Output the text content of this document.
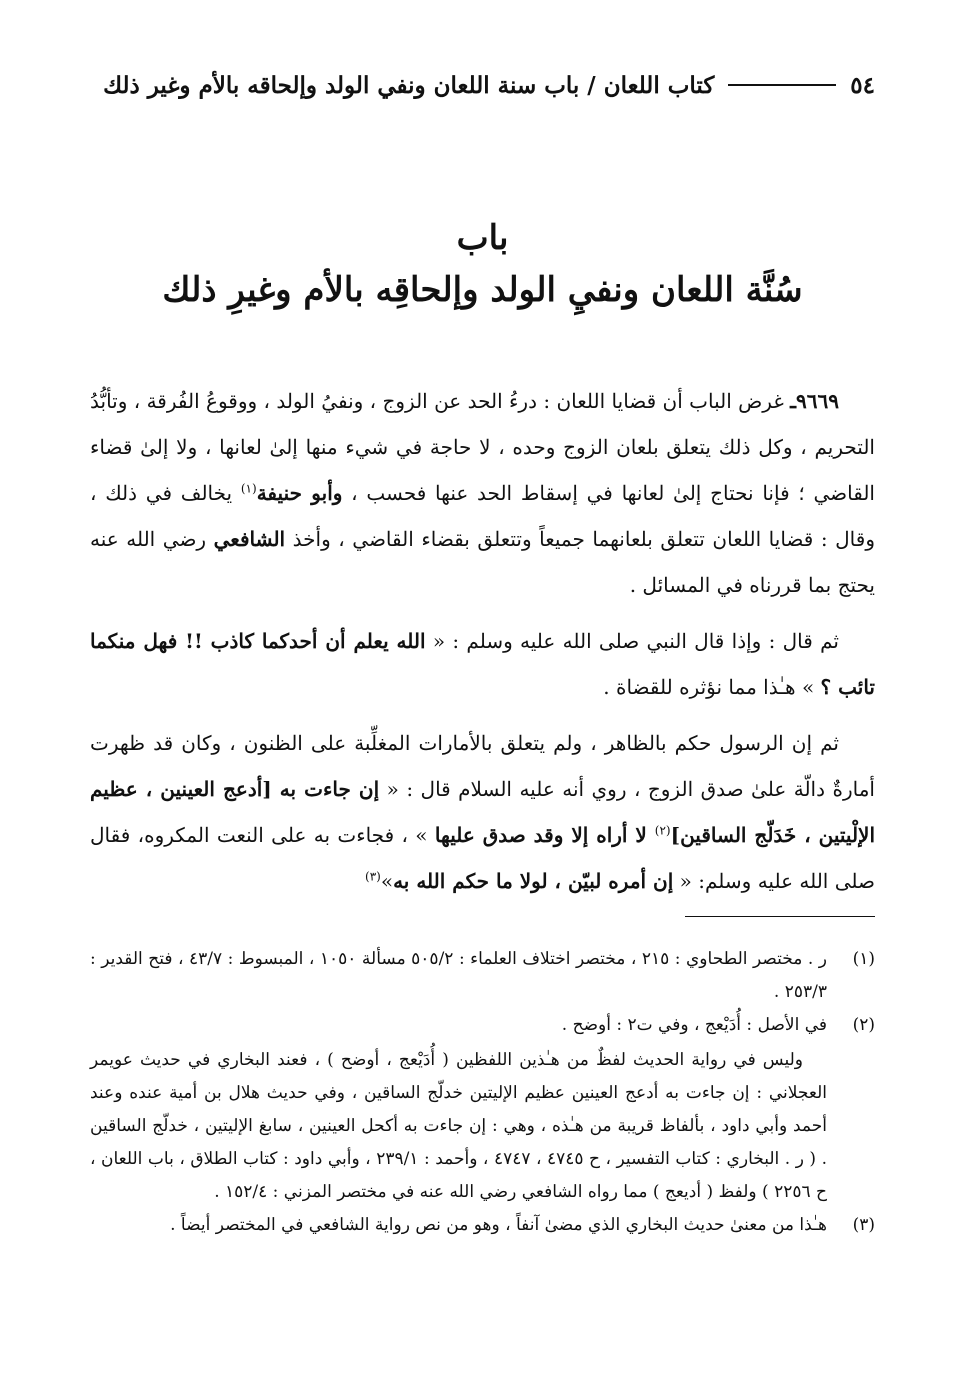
٥٤
كتاب اللعان / باب سنة اللعان ونفي الولد وإلحاقه بالأم وغير ذلك
باب
سُنَّة اللعان ونفيِ الولد وإلحاقِه بالأم وغيرِ ذلك

٩٦٦٩ـ غرض الباب أن قضايا اللعان : درءُ الحد عن الزوج ، ونفيُ الولد ، ووقوعُ الفُرقة ، وتأبُّدُ التحريم ، وكل ذلك يتعلق بلعان الزوج وحده ، لا حاجة في شيء منها إلىٰ لعانها ، ولا إلىٰ قضاء القاضي ؛ فإنا نحتاج إلىٰ لعانها في إسقاط الحد عنها فحسب ، وأبو حنيفة$^{(١)}$ يخالف في ذلك ، وقال : قضايا اللعان تتعلق بلعانهما جميعاً وتتعلق بقضاء القاضي ، وأخذ الشافعي رضي الله عنه يحتج بما قررناه في المسائل .

ثم قال : وإذا قال النبي صلى الله عليه وسلم : « الله يعلم أن أحدكما كاذب !! فهل منكما تائب ؟ » هـٰذا مما نؤثره للقضاة .

ثم إن الرسول حكم بالظاهر ، ولم يتعلق بالأمارات المغلِّبة على الظنون ، وكان قد ظهرت أمارةٌ دالّة علىٰ صدق الزوج ، روي أنه عليه السلام قال : « إن جاءت به [أدعج العينين ، عظيم الإلْيتين ، خَدَلّج الساقين]$^{(٢)}$ لا أراه إلا وقد صدق عليها » ، فجاءت به على النعت المكروه، فقال صلى الله عليه وسلم: « إن أمره لبيّن ، لولا ما حكم الله به»$^{(٣)}$

(١)
ر . مختصر الطحاوي : ٢١٥ ، مختصر اختلاف العلماء : ٥٠٥/٢ مسألة ١٠٥٠ ، المبسوط : ٤٣/٧ ، فتح القدير : ٢٥٣/٣ .
(٢)
في الأصل : أُدَيْعج ، وفي ت٢ : أوضح .
وليس في رواية الحديث لفظٌ من هـٰذين اللفظين ( أُدَيْعج ، أوضح ) ، فعند البخاري في حديث عويمر العجلاني : إن جاءت به أدعج العينين عظيم الإليتين خدلّج الساقين ، وفي حديث هلال بن أمية عنده وعند أحمد وأبي داود ، بألفاظ قريبة من هـٰذه ، وهي : إن جاءت به أكحل العينين ، سابغ الإليتين ، خدلّج الساقين . ( ر . البخاري : كتاب التفسير ، ح ٤٧٤٥ ، ٤٧٤٧ ، وأحمد : ٢٣٩/١ ، وأبي داود : كتاب الطلاق ، باب اللعان ، ح ٢٢٥٦ ) ولفظ ( أديعج ) مما رواه الشافعي رضي الله عنه في مختصر المزني : ١٥٢/٤ .
(٣)
هـٰذا من معنىٰ حديث البخاري الذي مضىٰ آنفاً ، وهو من نص رواية الشافعي في المختصر أيضاً .
